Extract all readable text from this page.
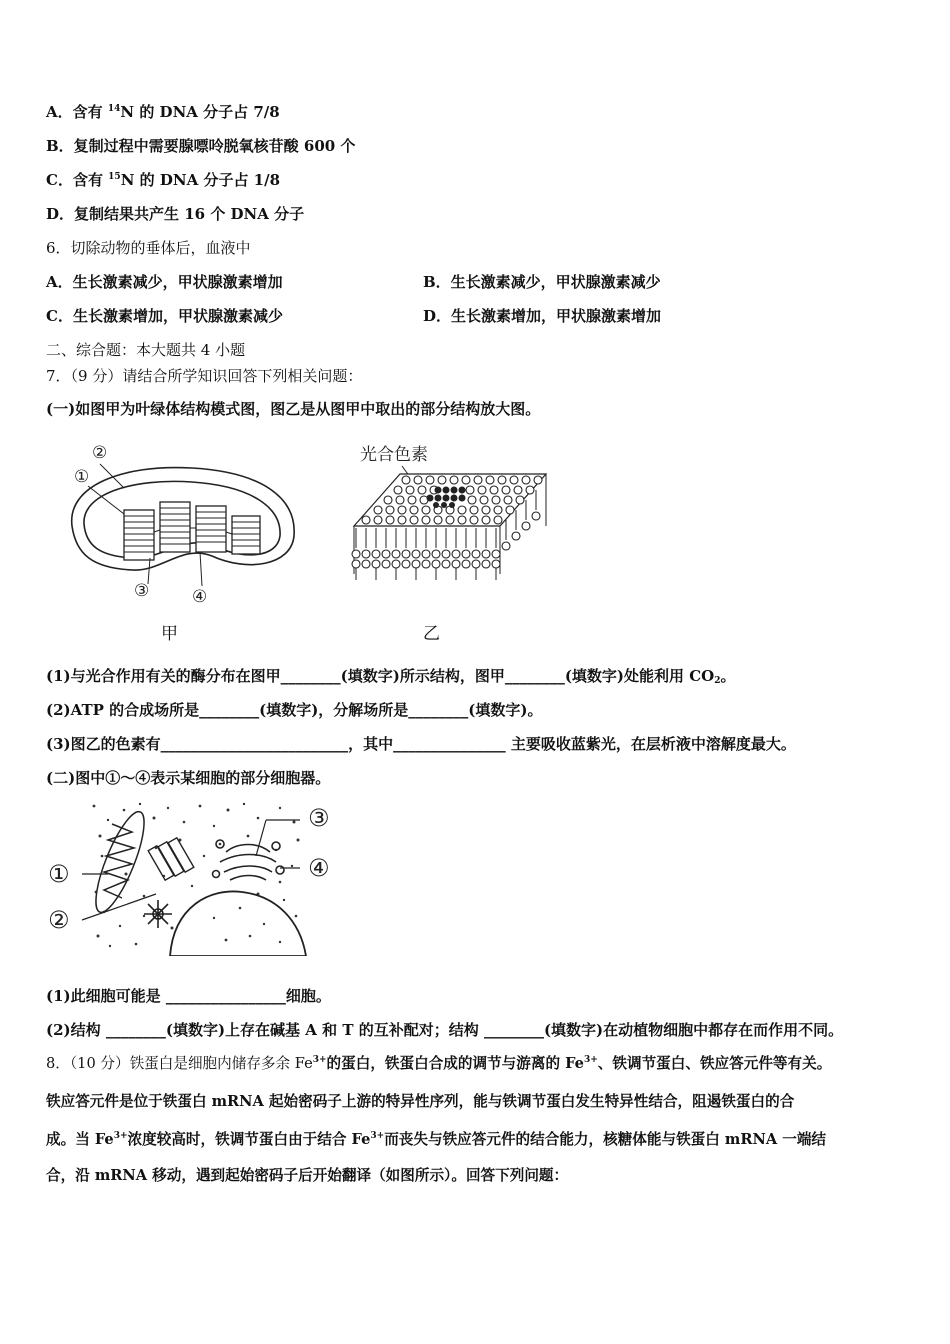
A．含有 $^{14}$N 的 DNA 分子占 7/8
B．复制过程中需要腺嘌呤脱氧核苷酸 600 个
C．含有 $^{15}$N 的 DNA 分子占 1/8
D．复制结果共产生 16 个 DNA 分子
6．切除动物的垂体后，血液中
A．生长激素减少，甲状腺激素增加	B．生长激素减少，甲状腺激素减少
C．生长激素增加，甲状腺激素减少	D．生长激素增加，甲状腺激素增加
二、综合题：本大题共 4 小题
7．（9 分）请结合所学知识回答下列相关问题：
(一)如图甲为叶绿体结构模式图，图乙是从图甲中取出的部分结构放大图。
②
①
③	④
甲
光合色素
乙
(1)与光合作用有关的酶分布在图甲________(填数字)所示结构，图甲________(填数字)处能利用 $CO_2$。
(2)ATP 的合成场所是________(填数字)，分解场所是________(填数字)。
(3)图乙的色素有_________________________，其中_______________ 主要吸收蓝紫光，在层析液中溶解度最大。
(二)图中①～④表示某细胞的部分细胞器。
①
②
③
④
(1)此细胞可能是 ________________细胞。
(2)结构 ________(填数字)上存在碱基 A 和 T 的互补配对；结构 ________(填数字)在动植物细胞中都存在而作用不同。
8．（10 分）铁蛋白是细胞内储存多余 $Fe^{3+}$的蛋白，铁蛋白合成的调节与游离的 $Fe^{3+}$、铁调节蛋白、铁应答元件等有关。
铁应答元件是位于铁蛋白 mRNA 起始密码子上游的特异性序列，能与铁调节蛋白发生特异性结合，阻遏铁蛋白的合
成。当 $Fe^{3+}$浓度较高时，铁调节蛋白由于结合 $Fe^{3+}$而丧失与铁应答元件的结合能力，核糖体能与铁蛋白 mRNA 一端结
合，沿 mRNA 移动，遇到起始密码子后开始翻译（如图所示）。回答下列问题：
